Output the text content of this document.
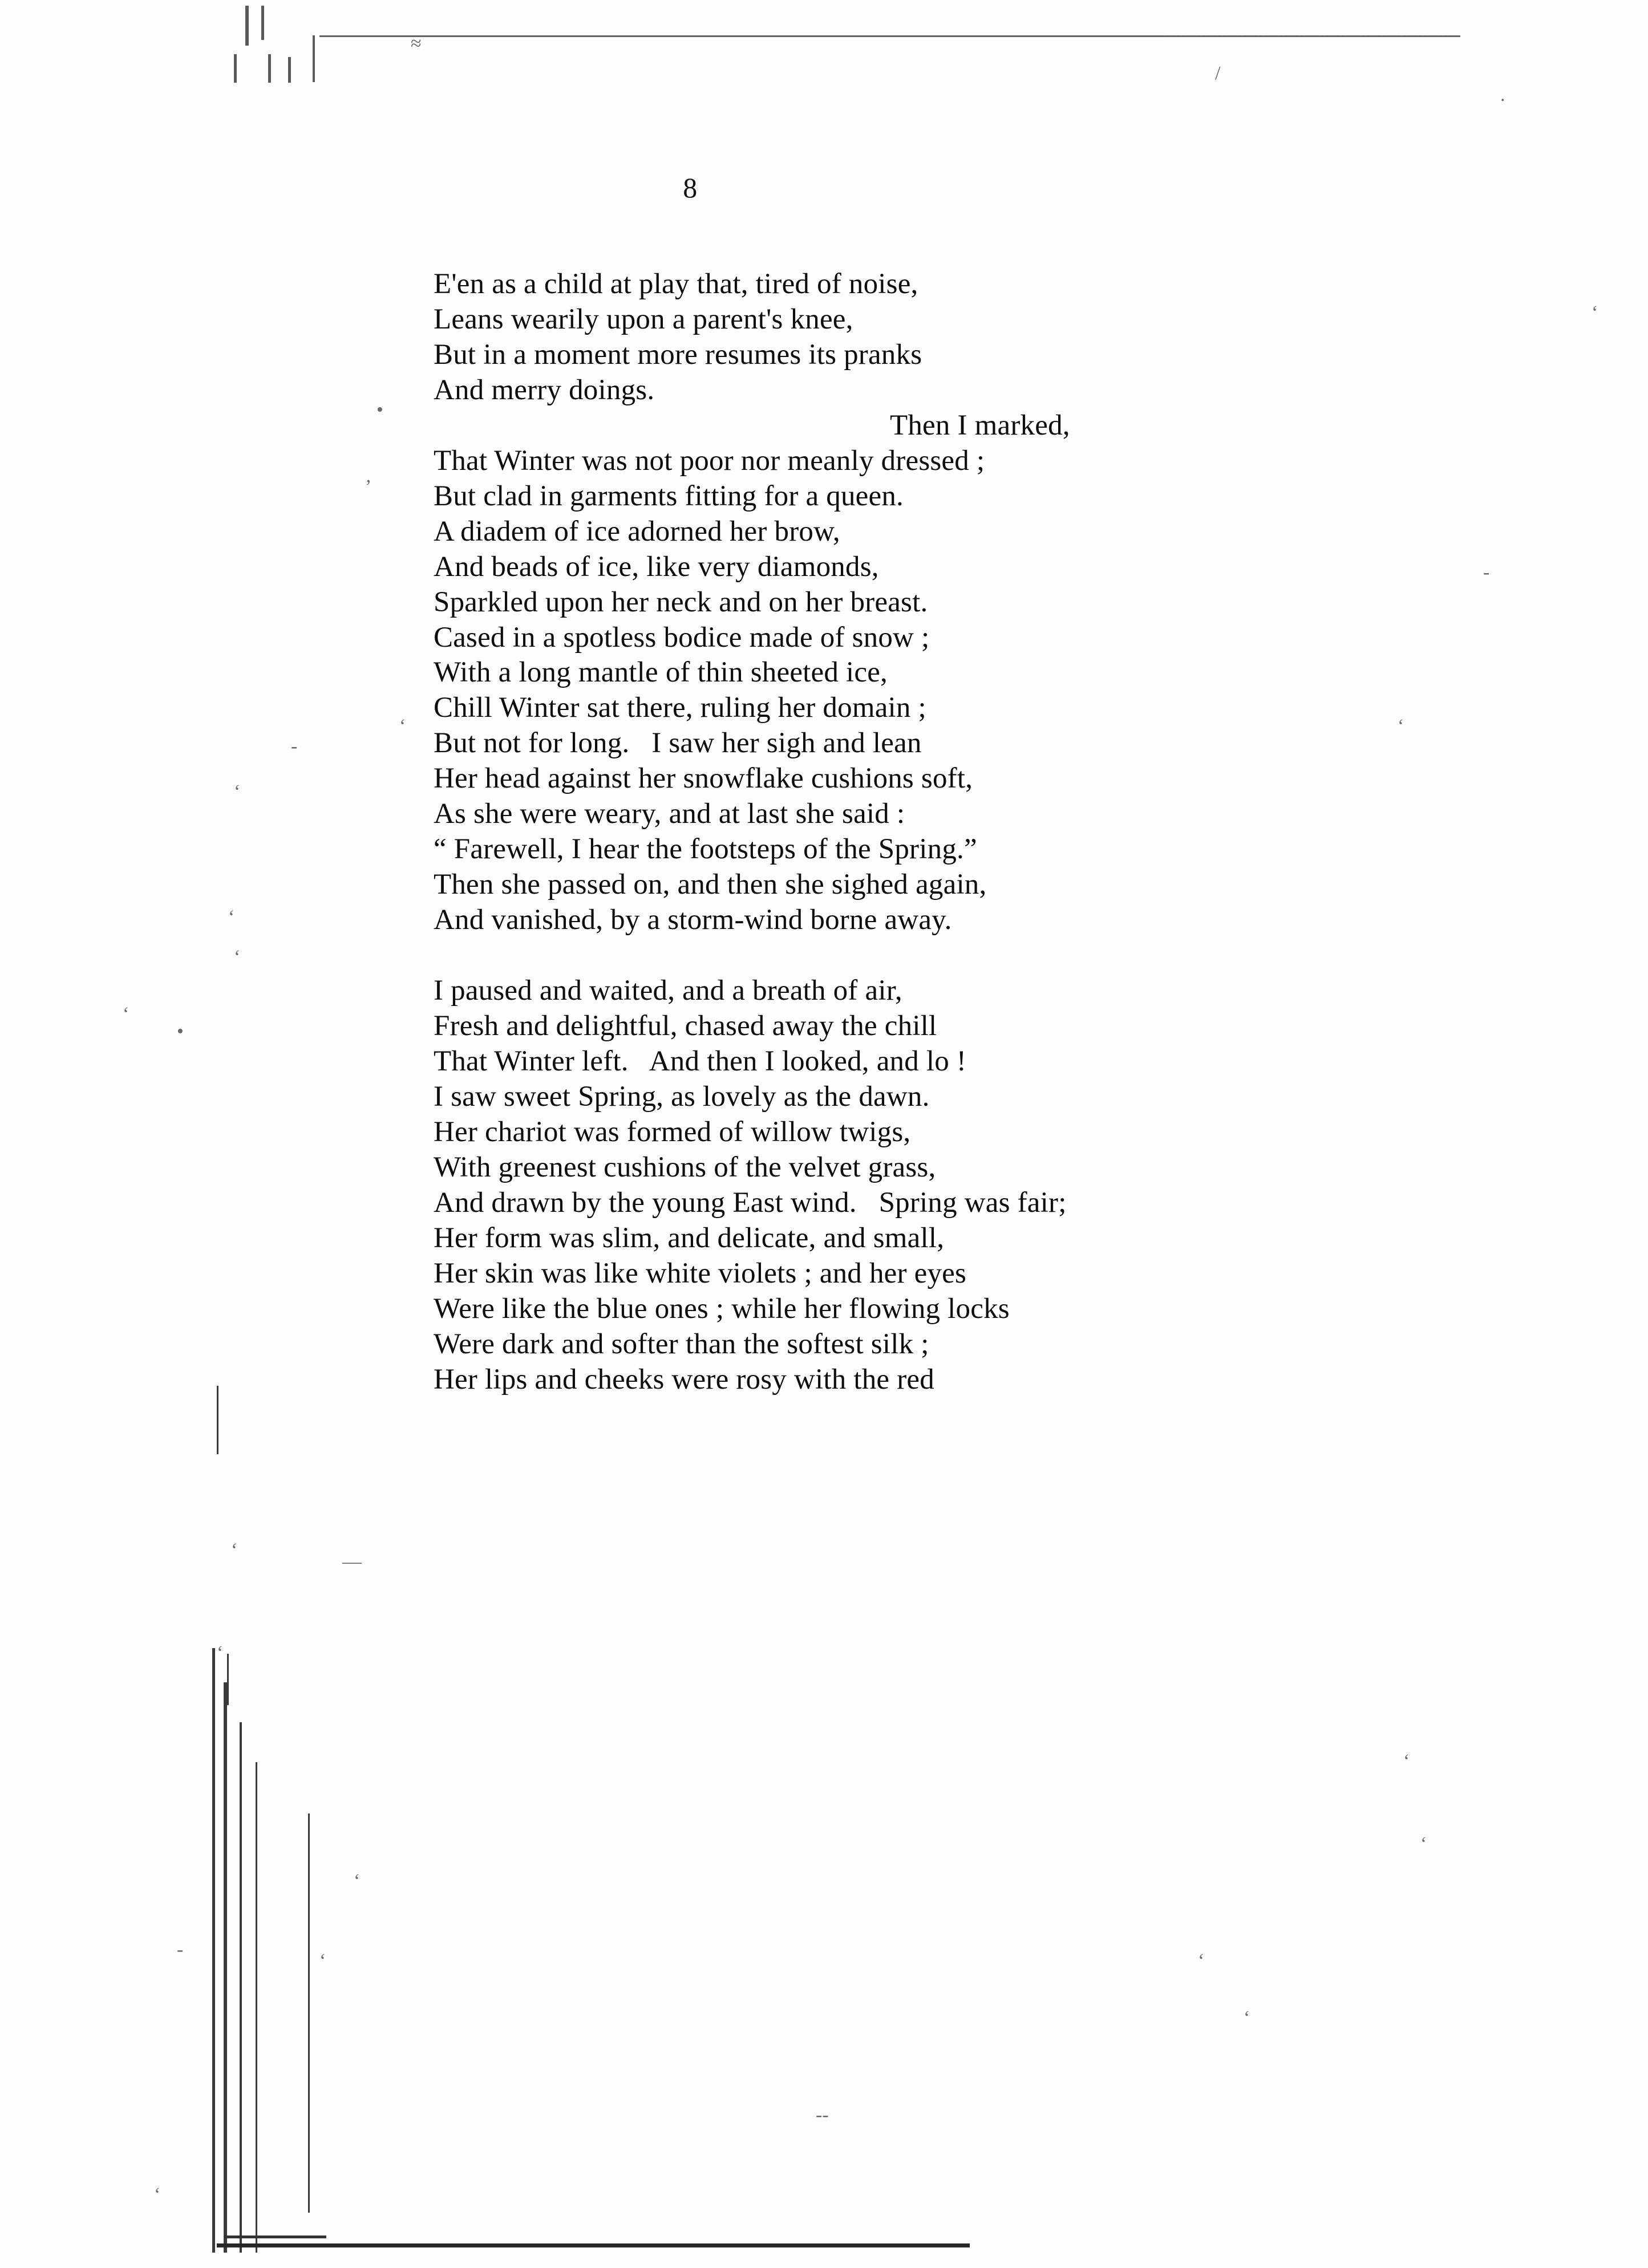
8
E'en as a child at play that, tired of noise,
Leans wearily upon a parent's knee,
But in a moment more resumes its pranks
And merry doings.
Then I marked,
That Winter was not poor nor meanly dressed ;
But clad in garments fitting for a queen.
A diadem of ice adorned her brow,
And beads of ice, like very diamonds,
Sparkled upon her neck and on her breast.
Cased in a spotless bodice made of snow ;
With a long mantle of thin sheeted ice,
Chill Winter sat there, ruling her domain ;
But not for long.   I saw her sigh and lean
Her head against her snowflake cushions soft,
As she were weary, and at last she said :
“ Farewell, I hear the footsteps of the Spring.”
Then she passed on, and then she sighed again,
And vanished, by a storm-wind borne away.
I paused and waited, and a breath of air,
Fresh and delightful, chased away the chill
That Winter left.   And then I looked, and lo !
I saw sweet Spring, as lovely as the dawn.
Her chariot was formed of willow twigs,
With greenest cushions of the velvet grass,
And drawn by the young East wind.   Spring was fair;
Her form was slim, and delicate, and small,
Her skin was like white violets ; and her eyes
Were like the blue ones ; while her flowing locks
Were dark and softer than the softest silk ;
Her lips and cheeks were rosy with the red
≈
/
.
‘
•
’
-
‘	‘
-
‘
‘
‘
‘
•
‘
—
‘
‘
‘
‘
-
‘	‘
‘
--
‘
